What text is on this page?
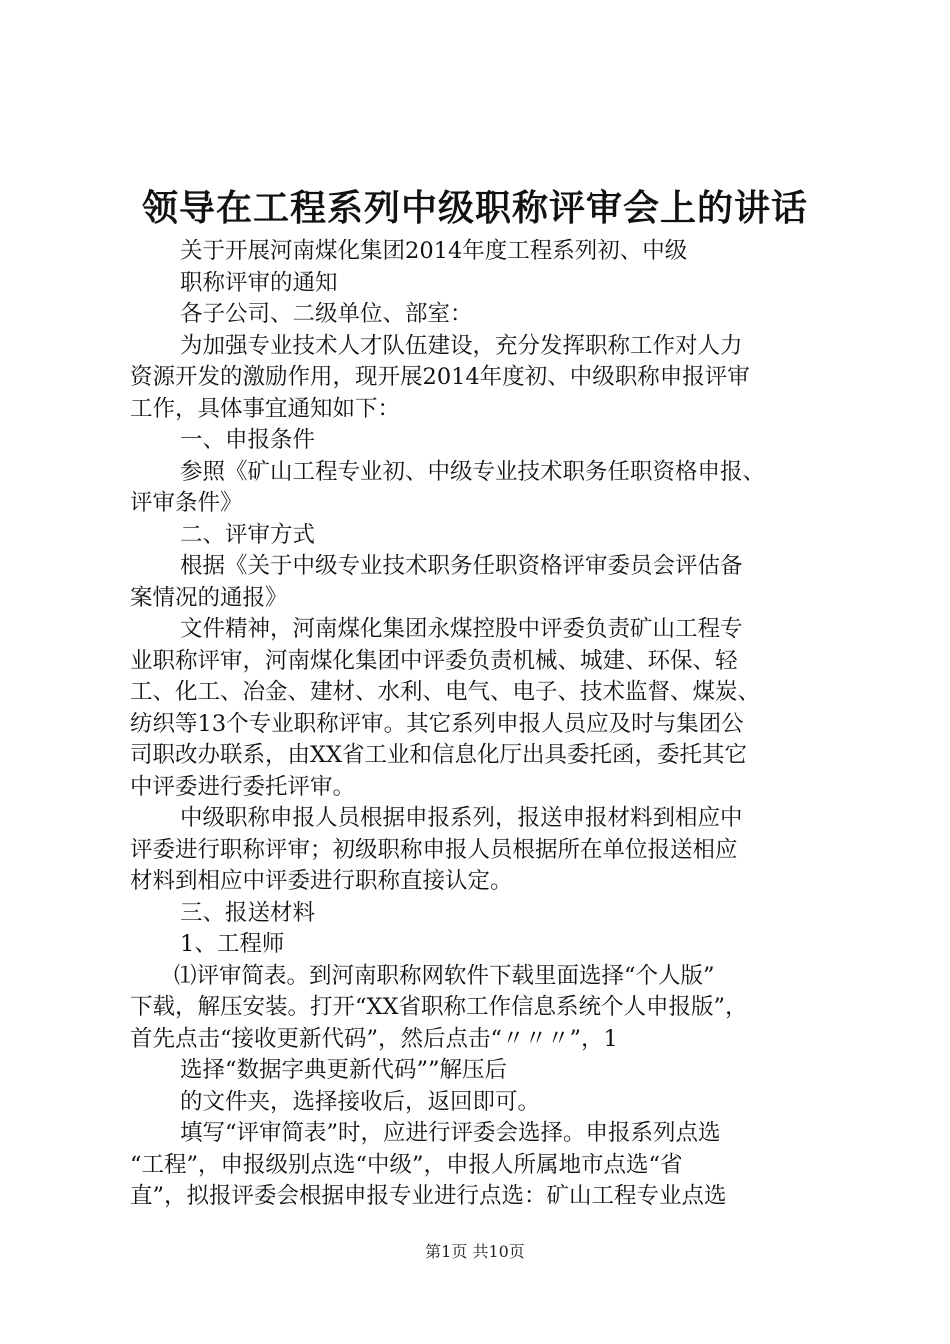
领导在工程系列中级职称评审会上的讲话
关于开展河南煤化集团2014年度工程系列初、中级
职称评审的通知
各子公司、二级单位、部室：
为加强专业技术人才队伍建设，充分发挥职称工作对人力
资源开发的激励作用，现开展2014年度初、中级职称申报评审
工作，具体事宜通知如下：
一、申报条件
参照《矿山工程专业初、中级专业技术职务任职资格申报、
评审条件》
二、评审方式
根据《关于中级专业技术职务任职资格评审委员会评估备
案情况的通报》
文件精神，河南煤化集团永煤控股中评委负责矿山工程专
业职称评审，河南煤化集团中评委负责机械、城建、环保、轻
工、化工、冶金、建材、水利、电气、电子、技术监督、煤炭、
纺织等13个专业职称评审。其它系列申报人员应及时与集团公
司职改办联系，由XX省工业和信息化厅出具委托函，委托其它
中评委进行委托评审。
中级职称申报人员根据申报系列，报送申报材料到相应中
评委进行职称评审；初级职称申报人员根据所在单位报送相应
材料到相应中评委进行职称直接认定。
三、报送材料
1、工程师
⑴评审简表。到河南职称网软件下载里面选择“个人版”
下载，解压安装。打开“XX省职称工作信息系统个人申报版”，
首先点击“接收更新代码”，然后点击“〃〃〃”，1
选择“数据字典更新代码””解压后
的文件夹，选择接收后，返回即可。
填写“评审简表”时，应进行评委会选择。申报系列点选
“工程”，申报级别点选“中级”，申报人所属地市点选“省
直”，拟报评委会根据申报专业进行点选：矿山工程专业点选
第1页 共10页
